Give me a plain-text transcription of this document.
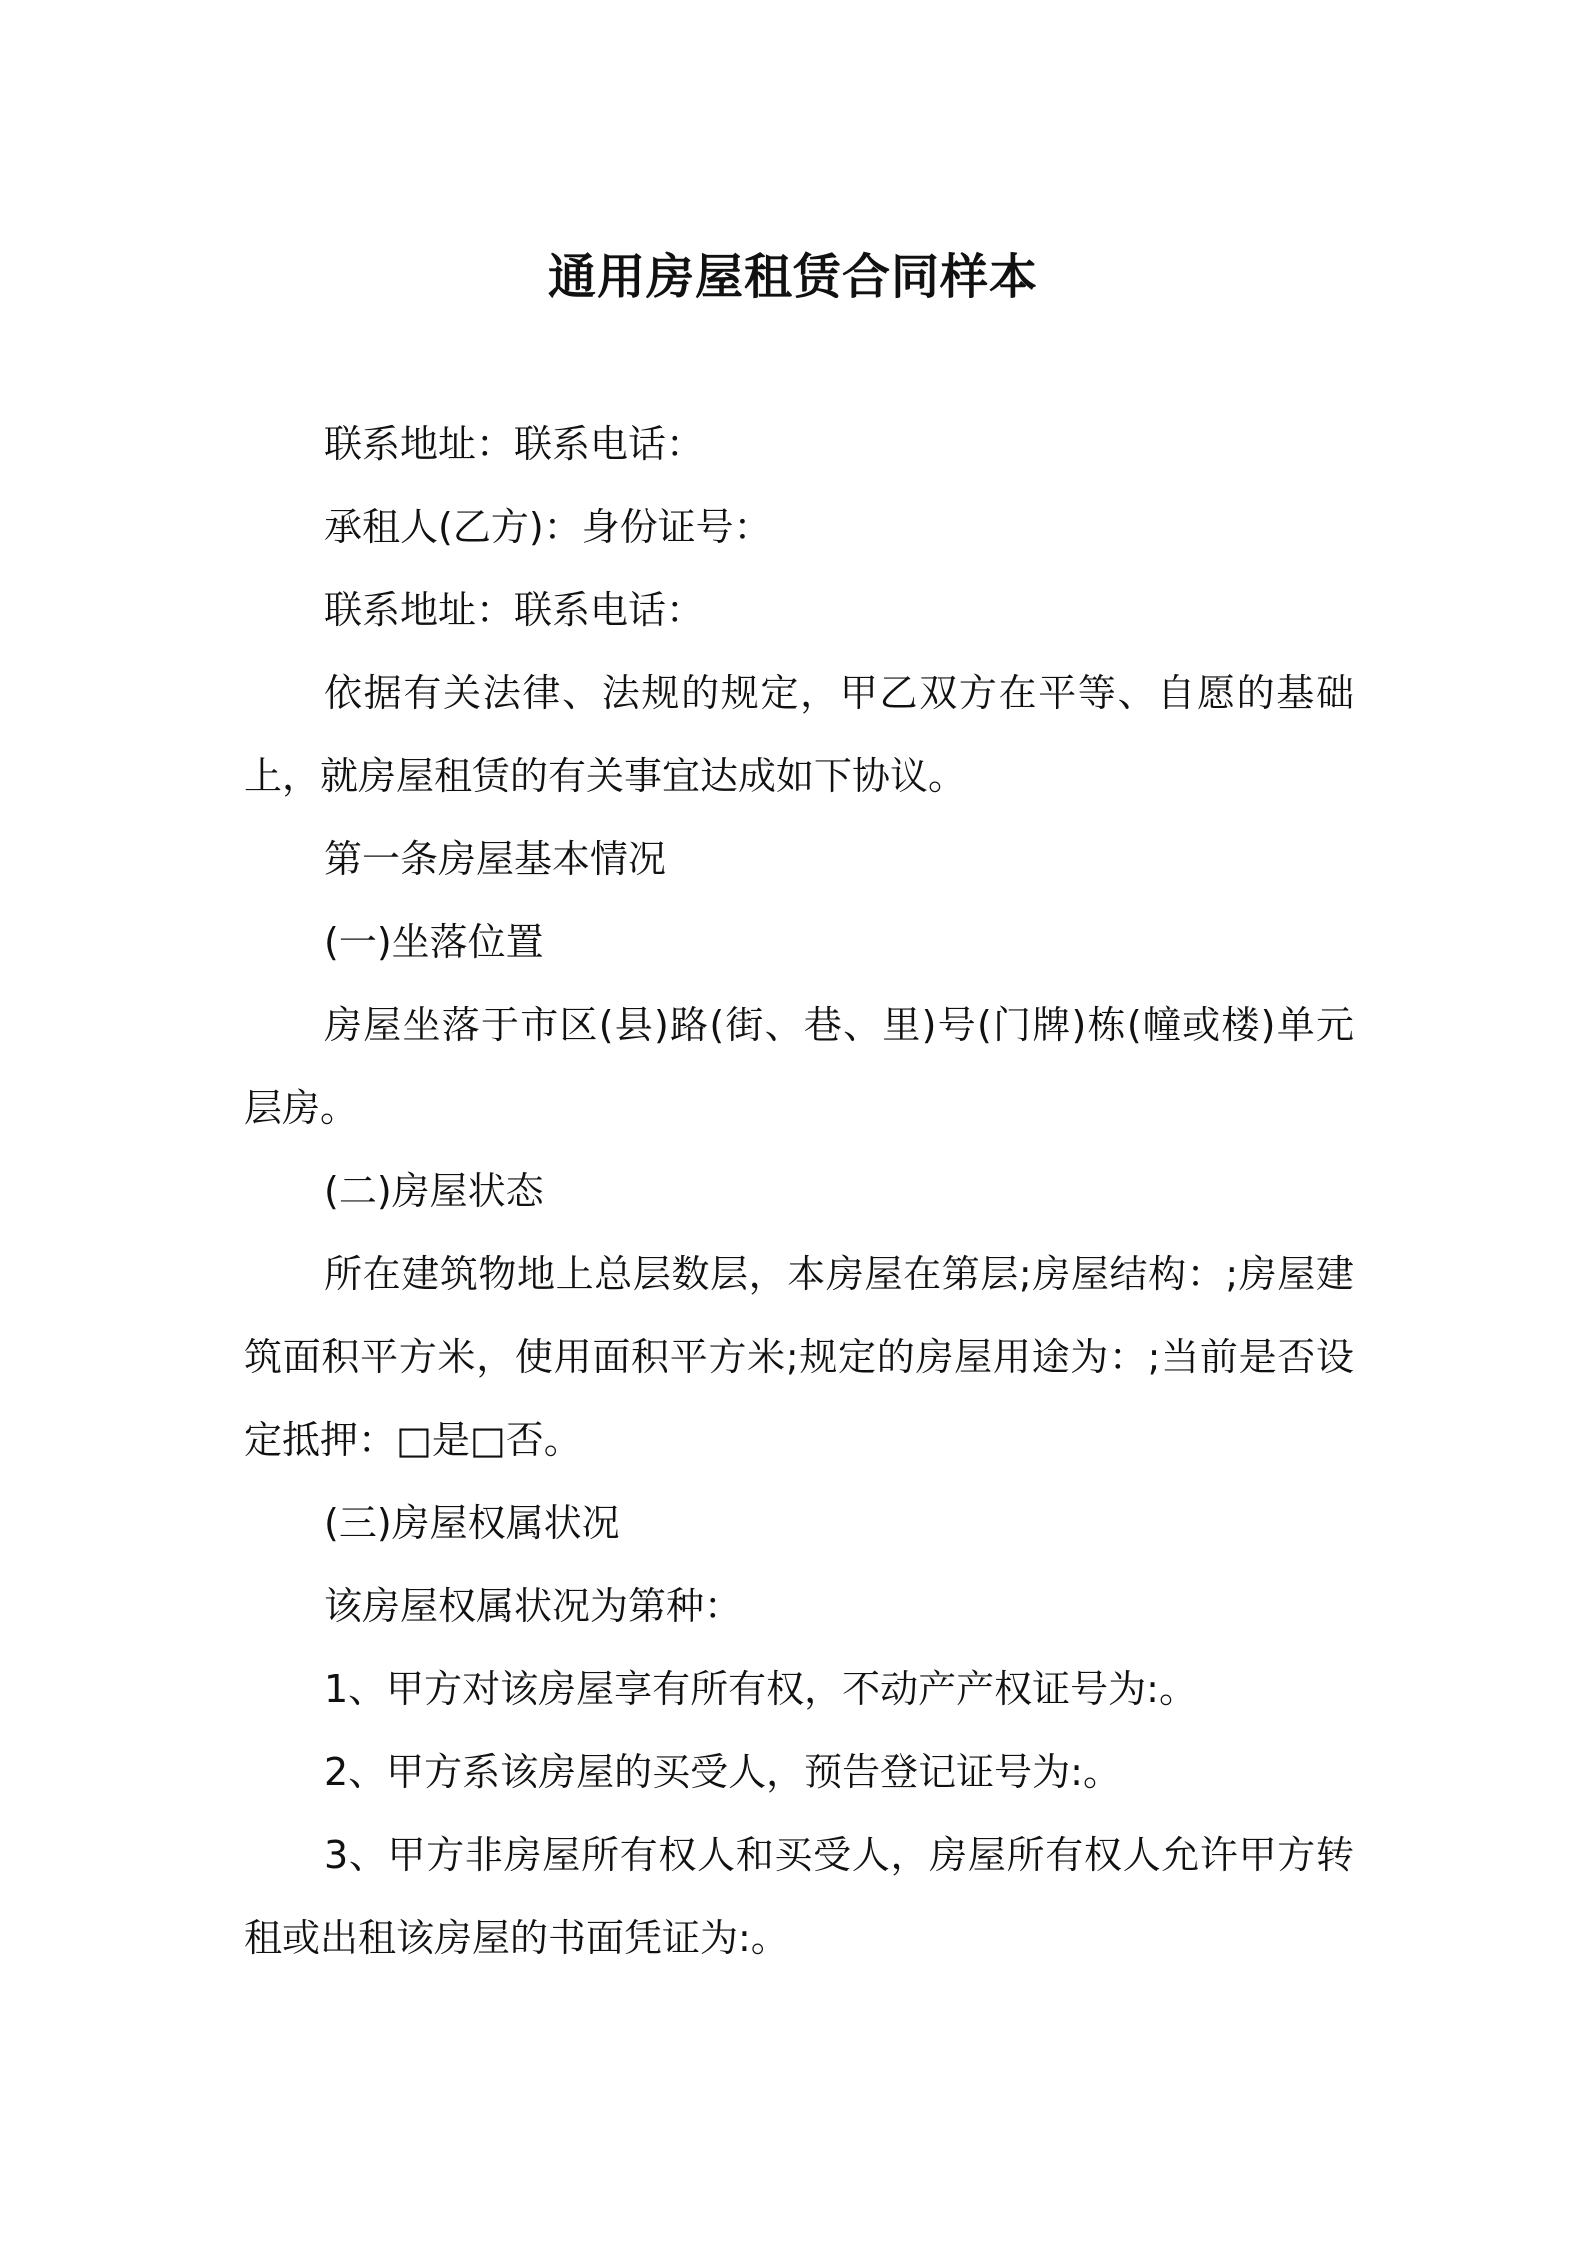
通用房屋租赁合同样本

联系地址：联系电话：

承租人(乙方)：身份证号：

联系地址：联系电话：

依据有关法律、法规的规定，甲乙双方在平等、自愿的基础上，就房屋租赁的有关事宜达成如下协议。

第一条房屋基本情况

(一)坐落位置

房屋坐落于市区(县)路(街、巷、里)号(门牌)栋(幢或楼)单元层房。

(二)房屋状态

所在建筑物地上总层数层，本房屋在第层;房屋结构：;房屋建筑面积平方米，使用面积平方米;规定的房屋用途为：;当前是否设定抵押：□是□否。

(三)房屋权属状况

该房屋权属状况为第种：

1、甲方对该房屋享有所有权，不动产产权证号为:。

2、甲方系该房屋的买受人，预告登记证号为:。

3、甲方非房屋所有权人和买受人，房屋所有权人允许甲方转租或出租该房屋的书面凭证为:。
